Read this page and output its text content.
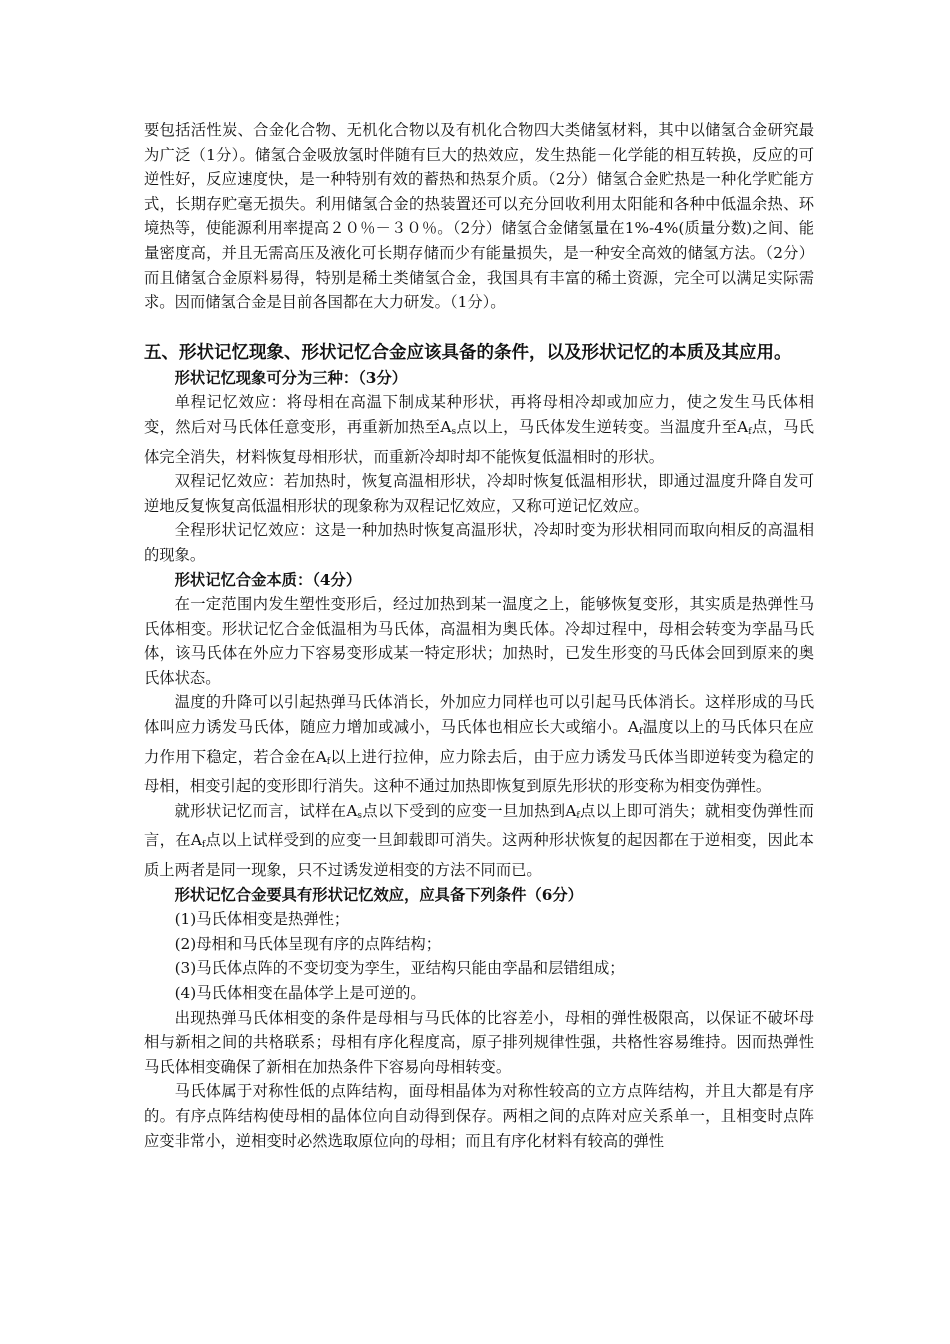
要包括活性炭、合金化合物、无机化合物以及有机化合物四大类储氢材料，其中以储氢合金研究最为广泛（1分）。储氢合金吸放氢时伴随有巨大的热效应，发生热能－化学能的相互转换，反应的可逆性好，反应速度快，是一种特别有效的蓄热和热泵介质。（2分）储氢合金贮热是一种化学贮能方式，长期存贮毫无损失。利用储氢合金的热装置还可以充分回收利用太阳能和各种中低温余热、环境热等，使能源利用率提高２０％－３０％。（2分）储氢合金储氢量在1%-4%(质量分数)之间、能量密度高，并且无需高压及液化可长期存储而少有能量损失，是一种安全高效的储氢方法。（2分）而且储氢合金原料易得，特别是稀土类储氢合金，我国具有丰富的稀土资源，完全可以满足实际需求。因而储氢合金是目前各国都在大力研发。（1分）。

五、形状记忆现象、形状记忆合金应该具备的条件，以及形状记忆的本质及其应用。

形状记忆现象可分为三种：（3分）

单程记忆效应：将母相在高温下制成某种形状，再将母相冷却或加应力，使之发生马氏体相变，然后对马氏体任意变形，再重新加热至$A_s$点以上，马氏体发生逆转变。当温度升至$A_f$点，马氏体完全消失，材料恢复母相形状，而重新冷却时却不能恢复低温相时的形状。

双程记忆效应：若加热时，恢复高温相形状，冷却时恢复低温相形状，即通过温度升降自发可逆地反复恢复高低温相形状的现象称为双程记忆效应，又称可逆记忆效应。

全程形状记忆效应：这是一种加热时恢复高温形状，冷却时变为形状相同而取向相反的高温相的现象。

形状记忆合金本质：（4分）

在一定范围内发生塑性变形后，经过加热到某一温度之上，能够恢复变形，其实质是热弹性马氏体相变。形状记忆合金低温相为马氏体，高温相为奥氏体。冷却过程中，母相会转变为孪晶马氏体，该马氏体在外应力下容易变形成某一特定形状；加热时，已发生形变的马氏体会回到原来的奥氏体状态。

温度的升降可以引起热弹马氏体消长，外加应力同样也可以引起马氏体消长。这样形成的马氏体叫应力诱发马氏体，随应力增加或减小，马氏体也相应长大或缩小。$A_f$温度以上的马氏体只在应力作用下稳定，若合金在$A_f$以上进行拉伸，应力除去后，由于应力诱发马氏体当即逆转变为稳定的母相，相变引起的变形即行消失。这种不通过加热即恢复到原先形状的形变称为相变伪弹性。

就形状记忆而言，试样在$A_s$点以下受到的应变一旦加热到$A_f$点以上即可消失；就相变伪弹性而言，在$A_f$点以上试样受到的应变一旦卸载即可消失。这两种形状恢复的起因都在于逆相变，因此本质上两者是同一现象，只不过诱发逆相变的方法不同而已。

形状记忆合金要具有形状记忆效应，应具备下列条件（6分）

(1)马氏体相变是热弹性；

(2)母相和马氏体呈现有序的点阵结构；

(3)马氏体点阵的不变切变为孪生，亚结构只能由孪晶和层错组成；

(4)马氏体相变在晶体学上是可逆的。

出现热弹马氏体相变的条件是母相与马氏体的比容差小，母相的弹性极限高，以保证不破坏母相与新相之间的共格联系；母相有序化程度高，原子排列规律性强，共格性容易维持。因而热弹性马氏体相变确保了新相在加热条件下容易向母相转变。

马氏体属于对称性低的点阵结构，面母相晶体为对称性较高的立方点阵结构，并且大都是有序的。有序点阵结构使母相的晶体位向自动得到保存。两相之间的点阵对应关系单一，且相变时点阵应变非常小，逆相变时必然选取原位向的母相；而且有序化材料有较高的弹性
